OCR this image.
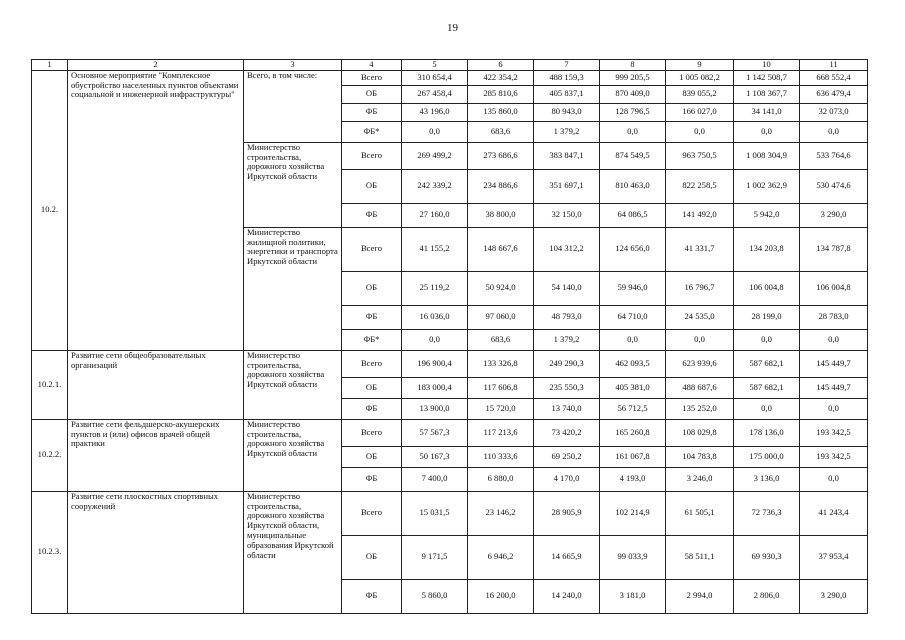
19
1	2	3	4	5	6	7	8	9	10	11
10.2.	Основное мероприятие "Комплексное обустройство населенных пунктов объектами социальной и инженерной инфраструктуры"	Всего, в том числе:	Всего	310 654,4	422 354,2	488 159,3	999 205,5	1 005 082,2	1 142 508,7	668 552,4
			ОБ	267 458,4	285 810,6	405 837,1	870 409,0	839 055,2	1 108 367,7	636 479,4
			ФБ	43 196,0	135 860,0	80 943,0	128 796,5	166 027,0	34 141,0	32 073,0
			ФБ*	0,0	683,6	1 379,2	0,0	0,0	0,0	0,0
		Министерство строительства, дорожного хозяйства Иркутской области	Всего	269 499,2	273 686,6	383 847,1	874 549,5	963 750,5	1 008 304,9	533 764,6
			ОБ	242 339,2	234 886,6	351 697,1	810 463,0	822 258,5	1 002 362,9	530 474,6
			ФБ	27 160,0	38 800,0	32 150,0	64 086,5	141 492,0	5 942,0	3 290,0
		Министерство жилищной политики, энергетики и транспорта Иркутской области	Всего	41 155,2	148 667,6	104 312,2	124 656,0	41 331,7	134 203,8	134 787,8
			ОБ	25 119,2	50 924,0	54 140,0	59 946,0	16 796,7	106 004,8	106 004,8
			ФБ	16 036,0	97 060,0	48 793,0	64 710,0	24 535,0	28 199,0	28 783,0
			ФБ*	0,0	683,6	1 379,2	0,0	0,0	0,0	0,0
10.2.1.	Развитие сети общеобразовательных организаций	Министерство строительства, дорожного хозяйства Иркутской области	Всего	196 900,4	133 326,8	249 290,3	462 093,5	623 939,6	587 682,1	145 449,7
			ОБ	183 000,4	117 606,8	235 550,3	405 381,0	488 687,6	587 682,1	145 449,7
			ФБ	13 900,0	15 720,0	13 740,0	56 712,5	135 252,0	0,0	0,0
10.2.2.	Развитие сети фельдшерско-акушерских пунктов и (или) офисов врачей общей практики	Министерство строительства, дорожного хозяйства Иркутской области	Всего	57 567,3	117 213,6	73 420,2	165 260,8	108 029,8	178 136,0	193 342,5
			ОБ	50 167,3	110 333,6	69 250,2	161 067,8	104 783,8	175 000,0	193 342,5
			ФБ	7 400,0	6 880,0	4 170,0	4 193,0	3 246,0	3 136,0	0,0
10.2.3.	Развитие сети плоскостных спортивных сооружений	Министерство строительства, дорожного хозяйства Иркутской области, муниципальные образования Иркутской области	Всего	15 031,5	23 146,2	28 905,9	102 214,9	61 505,1	72 736,3	41 243,4
			ОБ	9 171,5	6 946,2	14 665,9	99 033,9	58 511,1	69 930,3	37 953,4
			ФБ	5 860,0	16 200,0	14 240,0	3 181,0	2 994,0	2 806,0	3 290,0
